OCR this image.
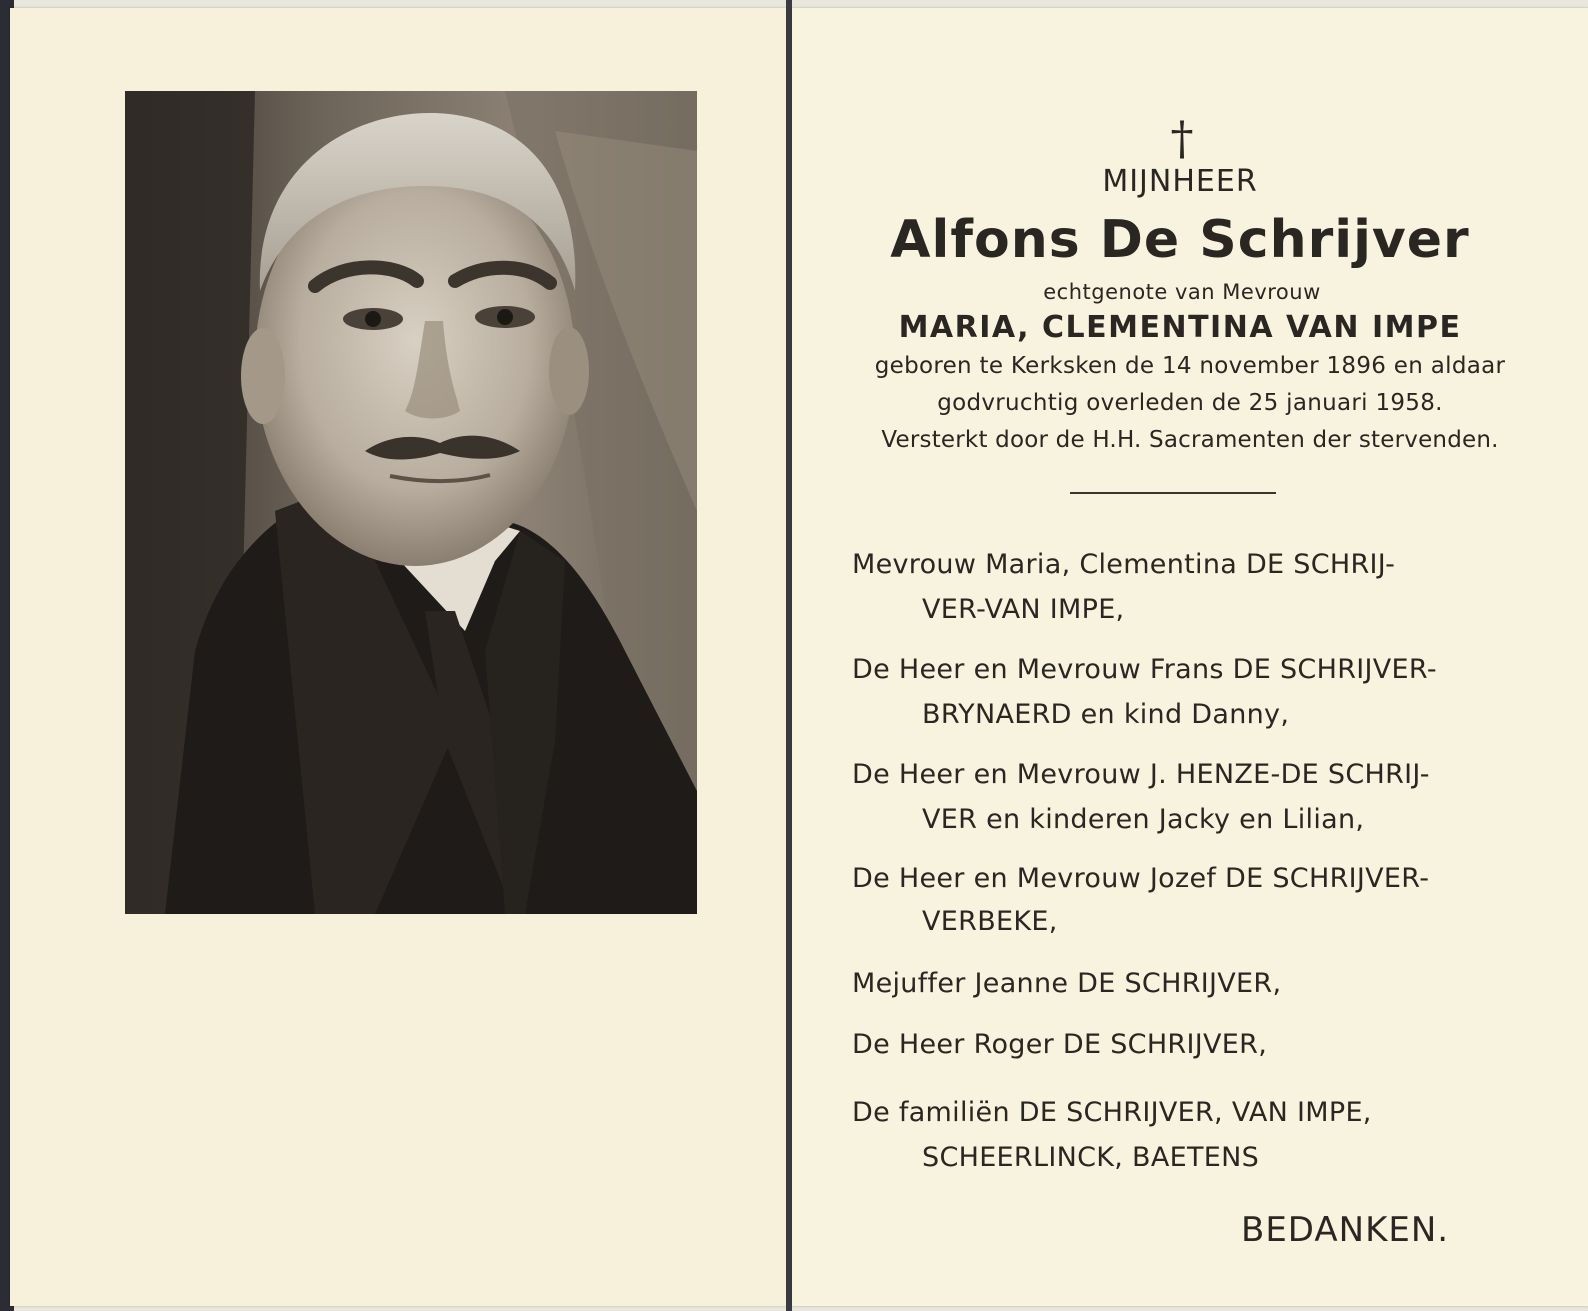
†
MIJNHEER
Alfons De Schrijver
echtgenote van Mevrouw
MARIA, CLEMENTINA VAN IMPE
geboren te Kerksken de 14 november 1896 en aldaar
godvruchtig overleden de 25 januari 1958.
Versterkt door de H.H. Sacramenten der stervenden.
Mevrouw Maria, Clementina DE SCHRIJ-
VER-VAN IMPE,
De Heer en Mevrouw Frans DE SCHRIJVER-
BRYNAERD en kind Danny,
De Heer en Mevrouw J. HENZE-DE SCHRIJ-
VER en kinderen Jacky en Lilian,
De Heer en Mevrouw Jozef DE SCHRIJVER-
VERBEKE,
Mejuffer Jeanne DE SCHRIJVER,
De Heer Roger DE SCHRIJVER,
De familiën DE SCHRIJVER, VAN IMPE,
SCHEERLINCK, BAETENS
BEDANKEN.
